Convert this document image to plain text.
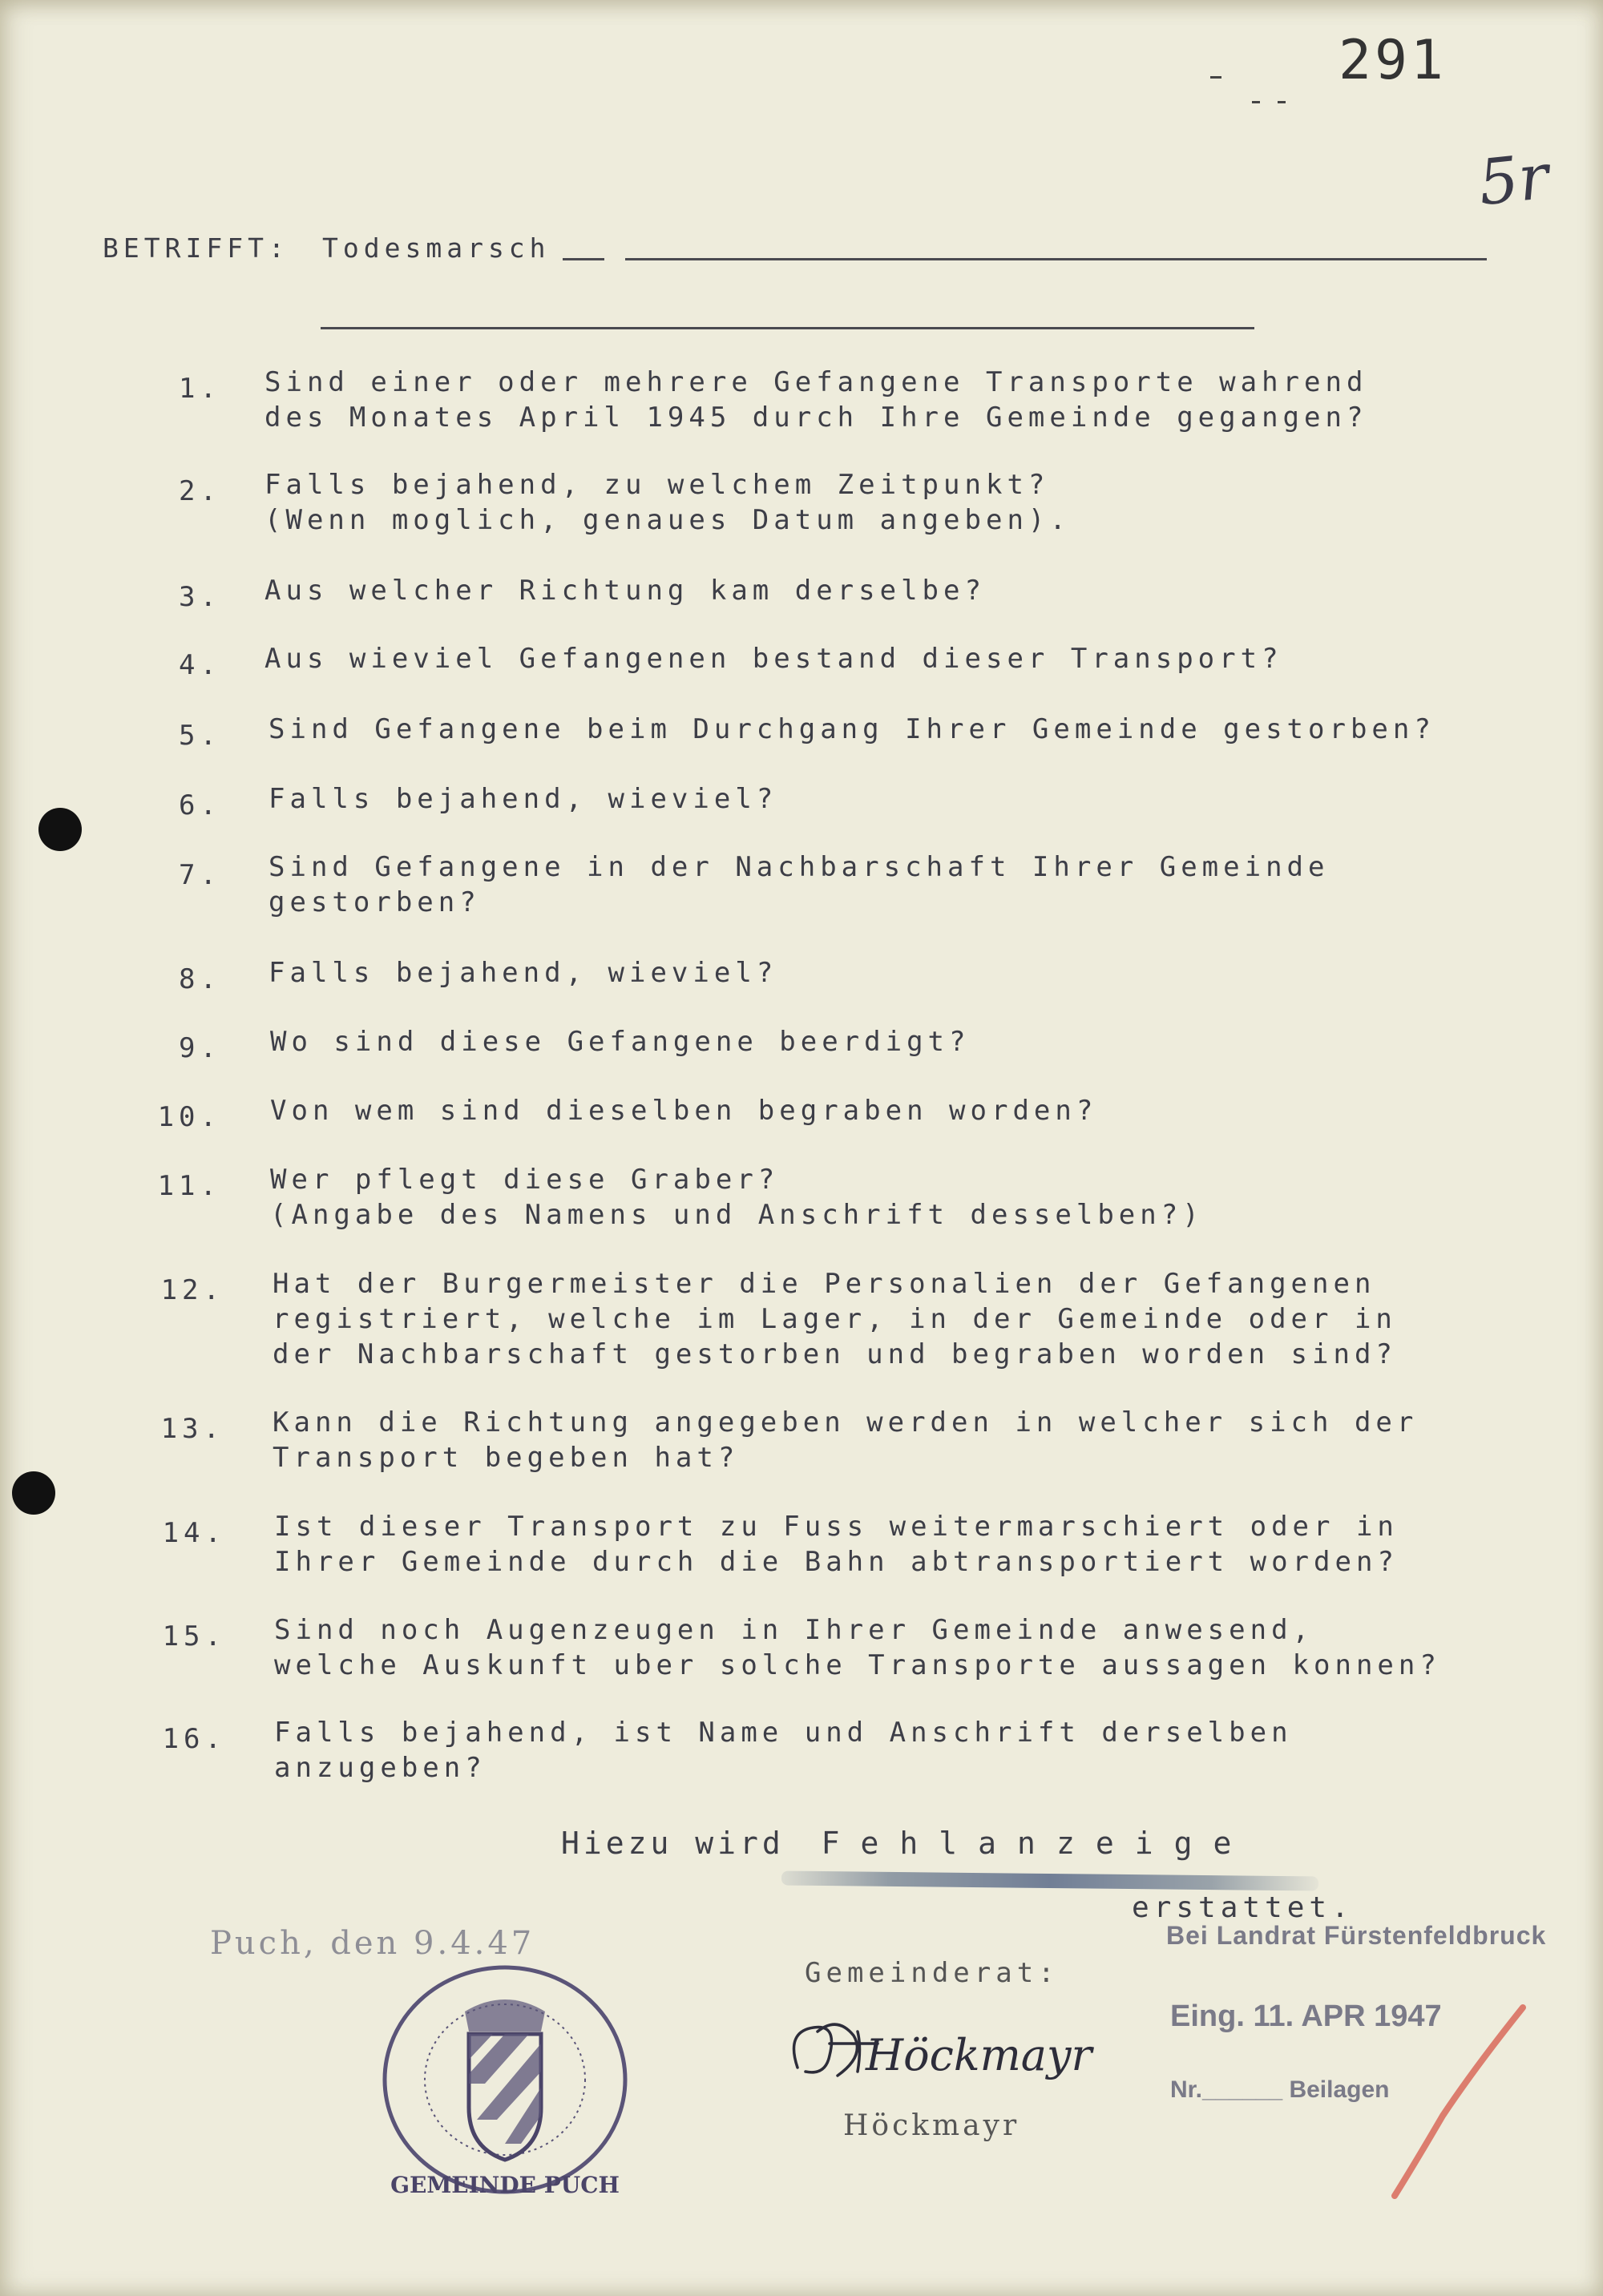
291
5r
BETRIFFT: Todesmarsch
1. Sind einer oder mehrere Gefangene Transporte wahrend
des Monates April 1945 durch Ihre Gemeinde gegangen?
2. Falls bejahend, zu welchem Zeitpunkt?
(Wenn moglich, genaues Datum angeben).
3. Aus welcher Richtung kam derselbe?
4. Aus wieviel Gefangenen bestand dieser Transport?
5. Sind Gefangene beim Durchgang Ihrer Gemeinde gestorben?
6. Falls bejahend, wieviel?
7. Sind Gefangene in der Nachbarschaft Ihrer Gemeinde
gestorben?
8. Falls bejahend, wieviel?
9. Wo sind diese Gefangene beerdigt?
10. Von wem sind dieselben begraben worden?
11. Wer pflegt diese Graber?
(Angabe des Namens und Anschrift desselben?)
12. Hat der Burgermeister die Personalien der Gefangenen
registriert, welche im Lager, in der Gemeinde oder in
der Nachbarschaft gestorben und begraben worden sind?
13. Kann die Richtung angegeben werden in welcher sich der
Transport begeben hat?
14. Ist dieser Transport zu Fuss weitermarschiert oder in
Ihrer Gemeinde durch die Bahn abtransportiert worden?
15. Sind noch Augenzeugen in Ihrer Gemeinde anwesend,
welche Auskunft uber solche Transporte aussagen konnen?
16. Falls bejahend, ist Name und Anschrift derselben
anzugeben?
Hiezu wird Fehlanzeige
erstattet.
Puch, den 9.4.47
GEMEINDE PUCH
Gemeinderat:
Höckmayr
Höckmayr
Bei Landrat Fürstenfeldbruck
Eing. 11. APR 1947
Nr.______ Beilagen
